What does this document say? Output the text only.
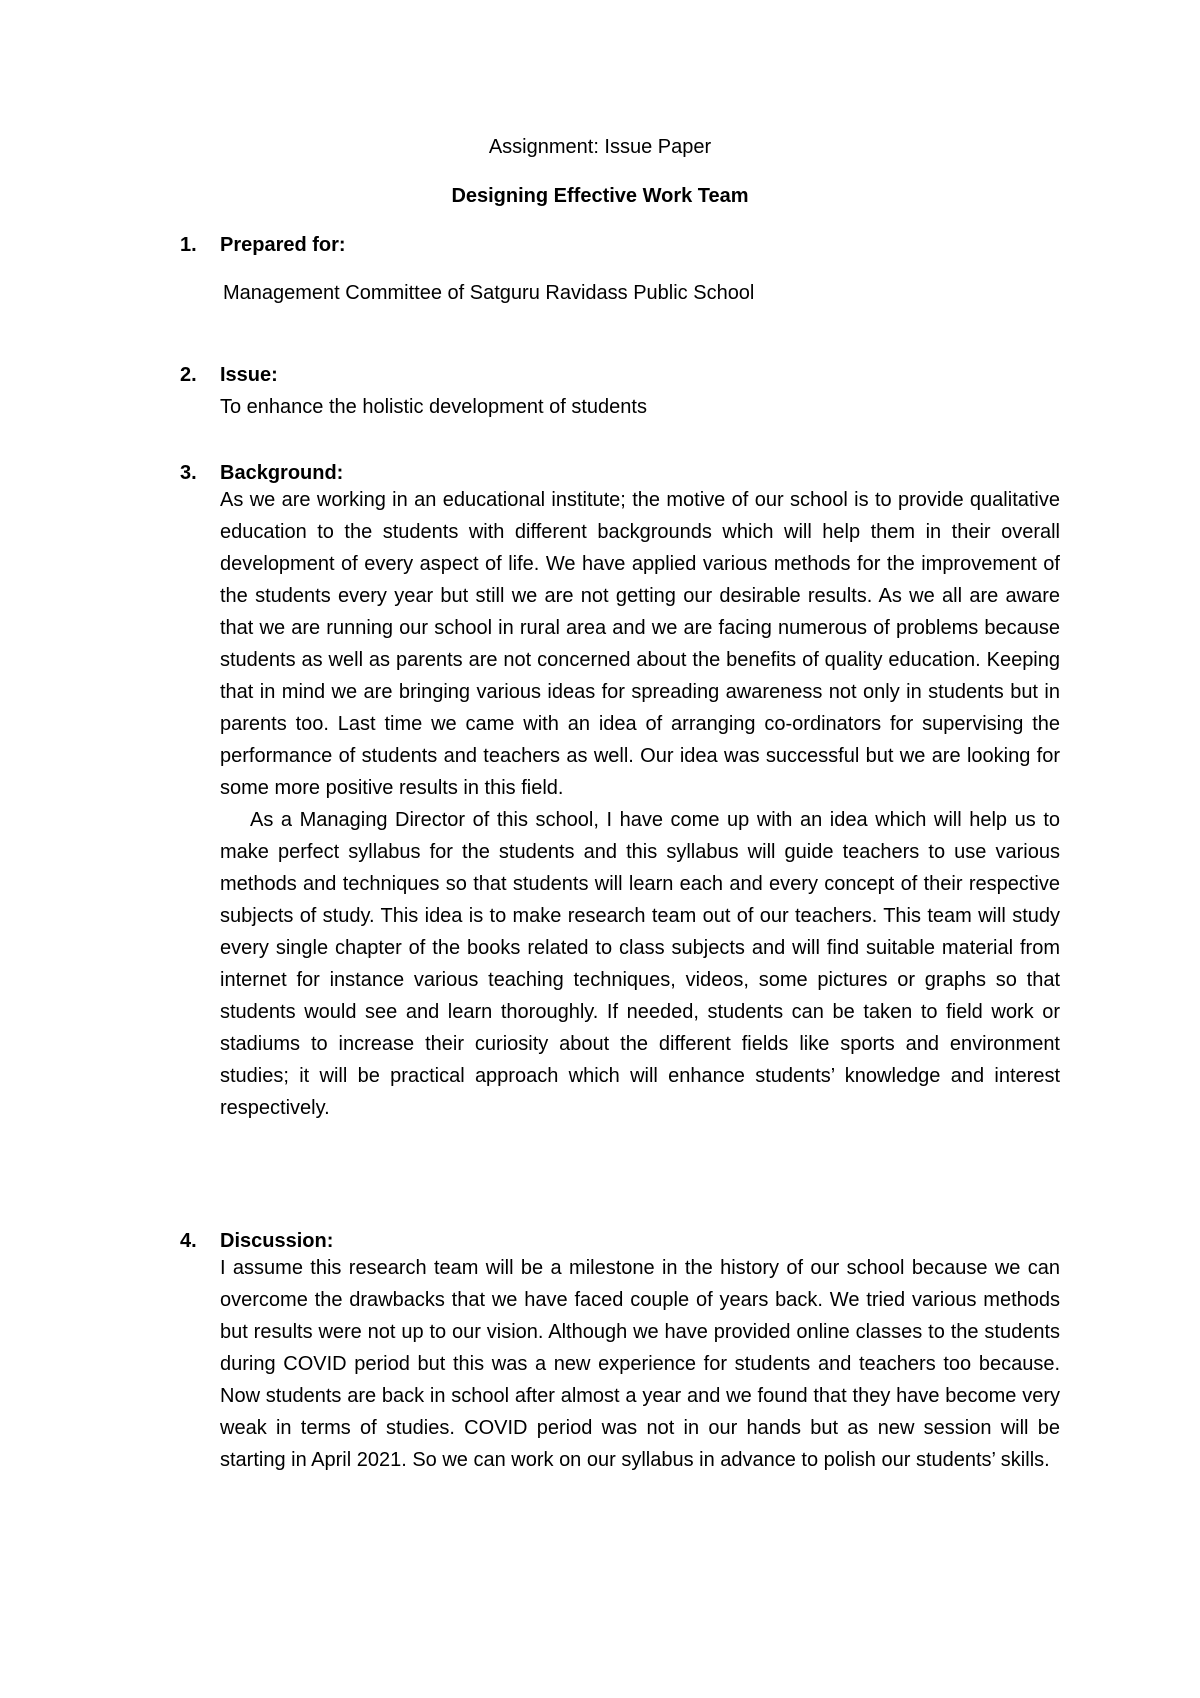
Assignment: Issue Paper
Designing Effective Work Team
1. Prepared for:
Management Committee of Satguru Ravidass Public School
2. Issue:
To enhance the holistic development of students
3. Background:

As we are working in an educational institute; the motive of our school is to provide qualitative education to the students with different backgrounds which will help them in their overall development of every aspect of life. We have applied various methods for the improvement of the students every year but still we are not getting our desirable results. As we all are aware that we are running our school in rural area and we are facing numerous of problems because students as well as parents are not concerned about the benefits of quality education. Keeping that in mind we are bringing various ideas for spreading awareness not only in students but in parents too. Last time we came with an idea of arranging co-ordinators for supervising the performance of students and teachers as well. Our idea was successful but we are looking for some more positive results in this field.

As a Managing Director of this school, I have come up with an idea which will help us to make perfect syllabus for the students and this syllabus will guide teachers to use various methods and techniques so that students will learn each and every concept of their respective subjects of study. This idea is to make research team out of our teachers. This team will study every single chapter of the books related to class subjects and will find suitable material from internet for instance various teaching techniques, videos, some pictures or graphs so that students would see and learn thoroughly. If needed, students can be taken to field work or stadiums to increase their curiosity about the different fields like sports and environment studies; it will be practical approach which will enhance students’ knowledge and interest respectively.

4. Discussion:

I assume this research team will be a milestone in the history of our school because we can overcome the drawbacks that we have faced couple of years back. We tried various methods but results were not up to our vision. Although we have provided online classes to the students during COVID period but this was a new experience for students and teachers too because. Now students are back in school after almost a year and we found that they have become very weak in terms of studies. COVID period was not in our hands but as new session will be starting in April 2021. So we can work on our syllabus in advance to polish our students’ skills.
